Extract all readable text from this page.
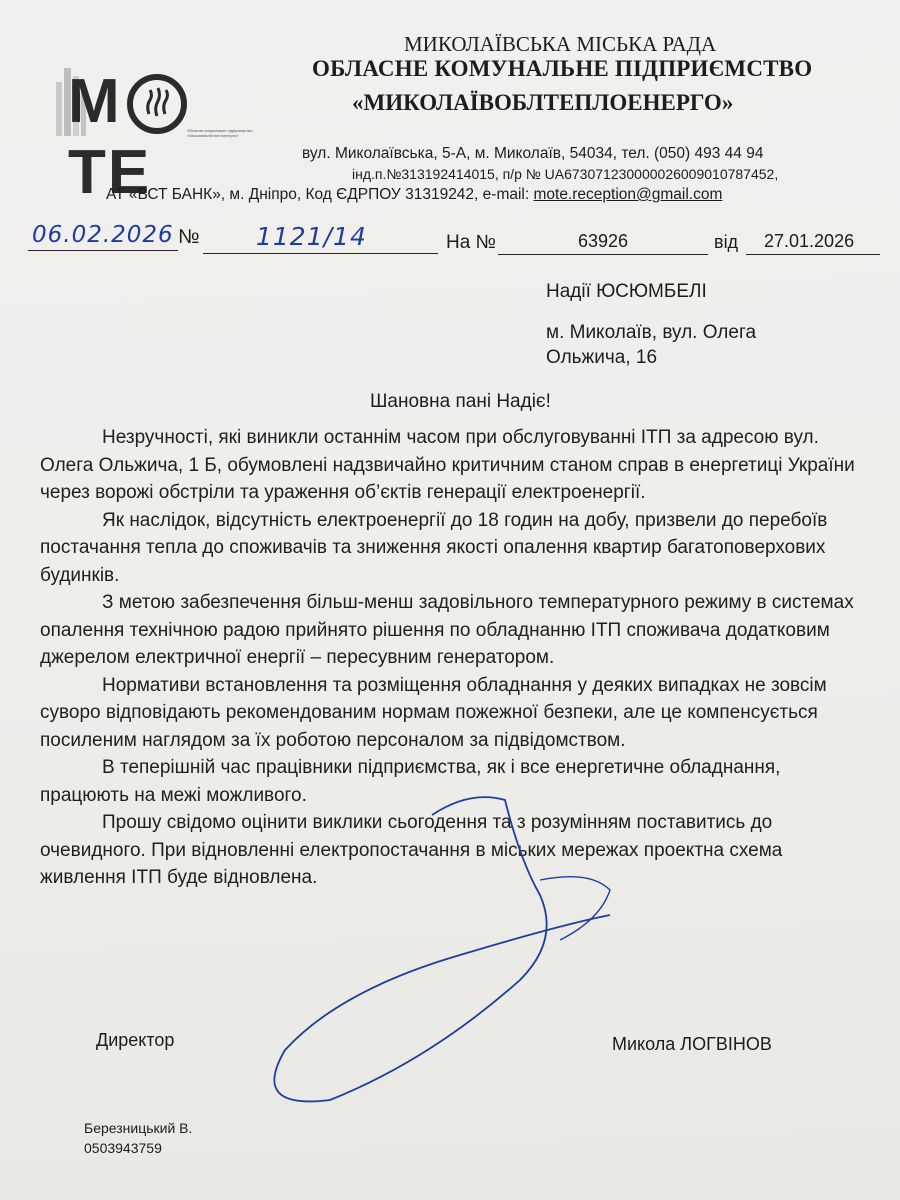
MTE
Обласне комунальне підприємство «Миколаївоблтеплоенерго»
МИКОЛАЇВСЬКА МІСЬКА РАДА
ОБЛАСНЕ КОМУНАЛЬНЕ ПІДПРИЄМСТВО
«МИКОЛАЇВОБЛТЕПЛОЕНЕРГО»
вул. Миколаївська, 5-А, м. Миколаїв, 54034, тел. (050) 493 44 94
інд.п.№313192414015, п/р № UA673071230000026009010787452,
АТ «ВСТ БАНК», м. Дніпро, Код ЄДРПОУ 31319242, e-mail: mote.reception@gmail.com
06.02.2026 № 1121/14	На №	63926	від 27.01.2026
Надії ЮСЮМБЕЛІ
м. Миколаїв, вул. Олега
Ольжича, 16
Шановна пані Надіє!

Незручності, які виникли останнім часом при обслуговуванні ІТП за адресою вул. Олега Ольжича, 1 Б, обумовлені надзвичайно критичним станом справ в енергетиці України через ворожі обстріли та ураження об’єктів генерації електроенергії.

Як наслідок, відсутність електроенергії до 18 годин на добу, призвели до перебоїв постачання тепла до споживачів та зниження якості опалення квартир багатоповерхових будинків.

З метою забезпечення більш-менш задовільного температурного режиму в системах опалення технічною радою прийнято рішення по обладнанню ІТП споживача додатковим джерелом електричної енергії – пересувним генератором.

Нормативи встановлення та розміщення обладнання у деяких випадках не зовсім суворо відповідають рекомендованим нормам пожежної безпеки, але це компенсується посиленим наглядом за їх роботою персоналом за підвідомством.

В теперішній час працівники підприємства, як і все енергетичне обладнання, працюють на межі можливого.

Прошу свідомо оцінити виклики сьогодення та з розумінням поставитись до очевидного. При відновленні електропостачання в міських мережах проектна схема живлення ІТП буде відновлена.

Директор	Микола ЛОГВІНОВ
Березницький В.
0503943759
